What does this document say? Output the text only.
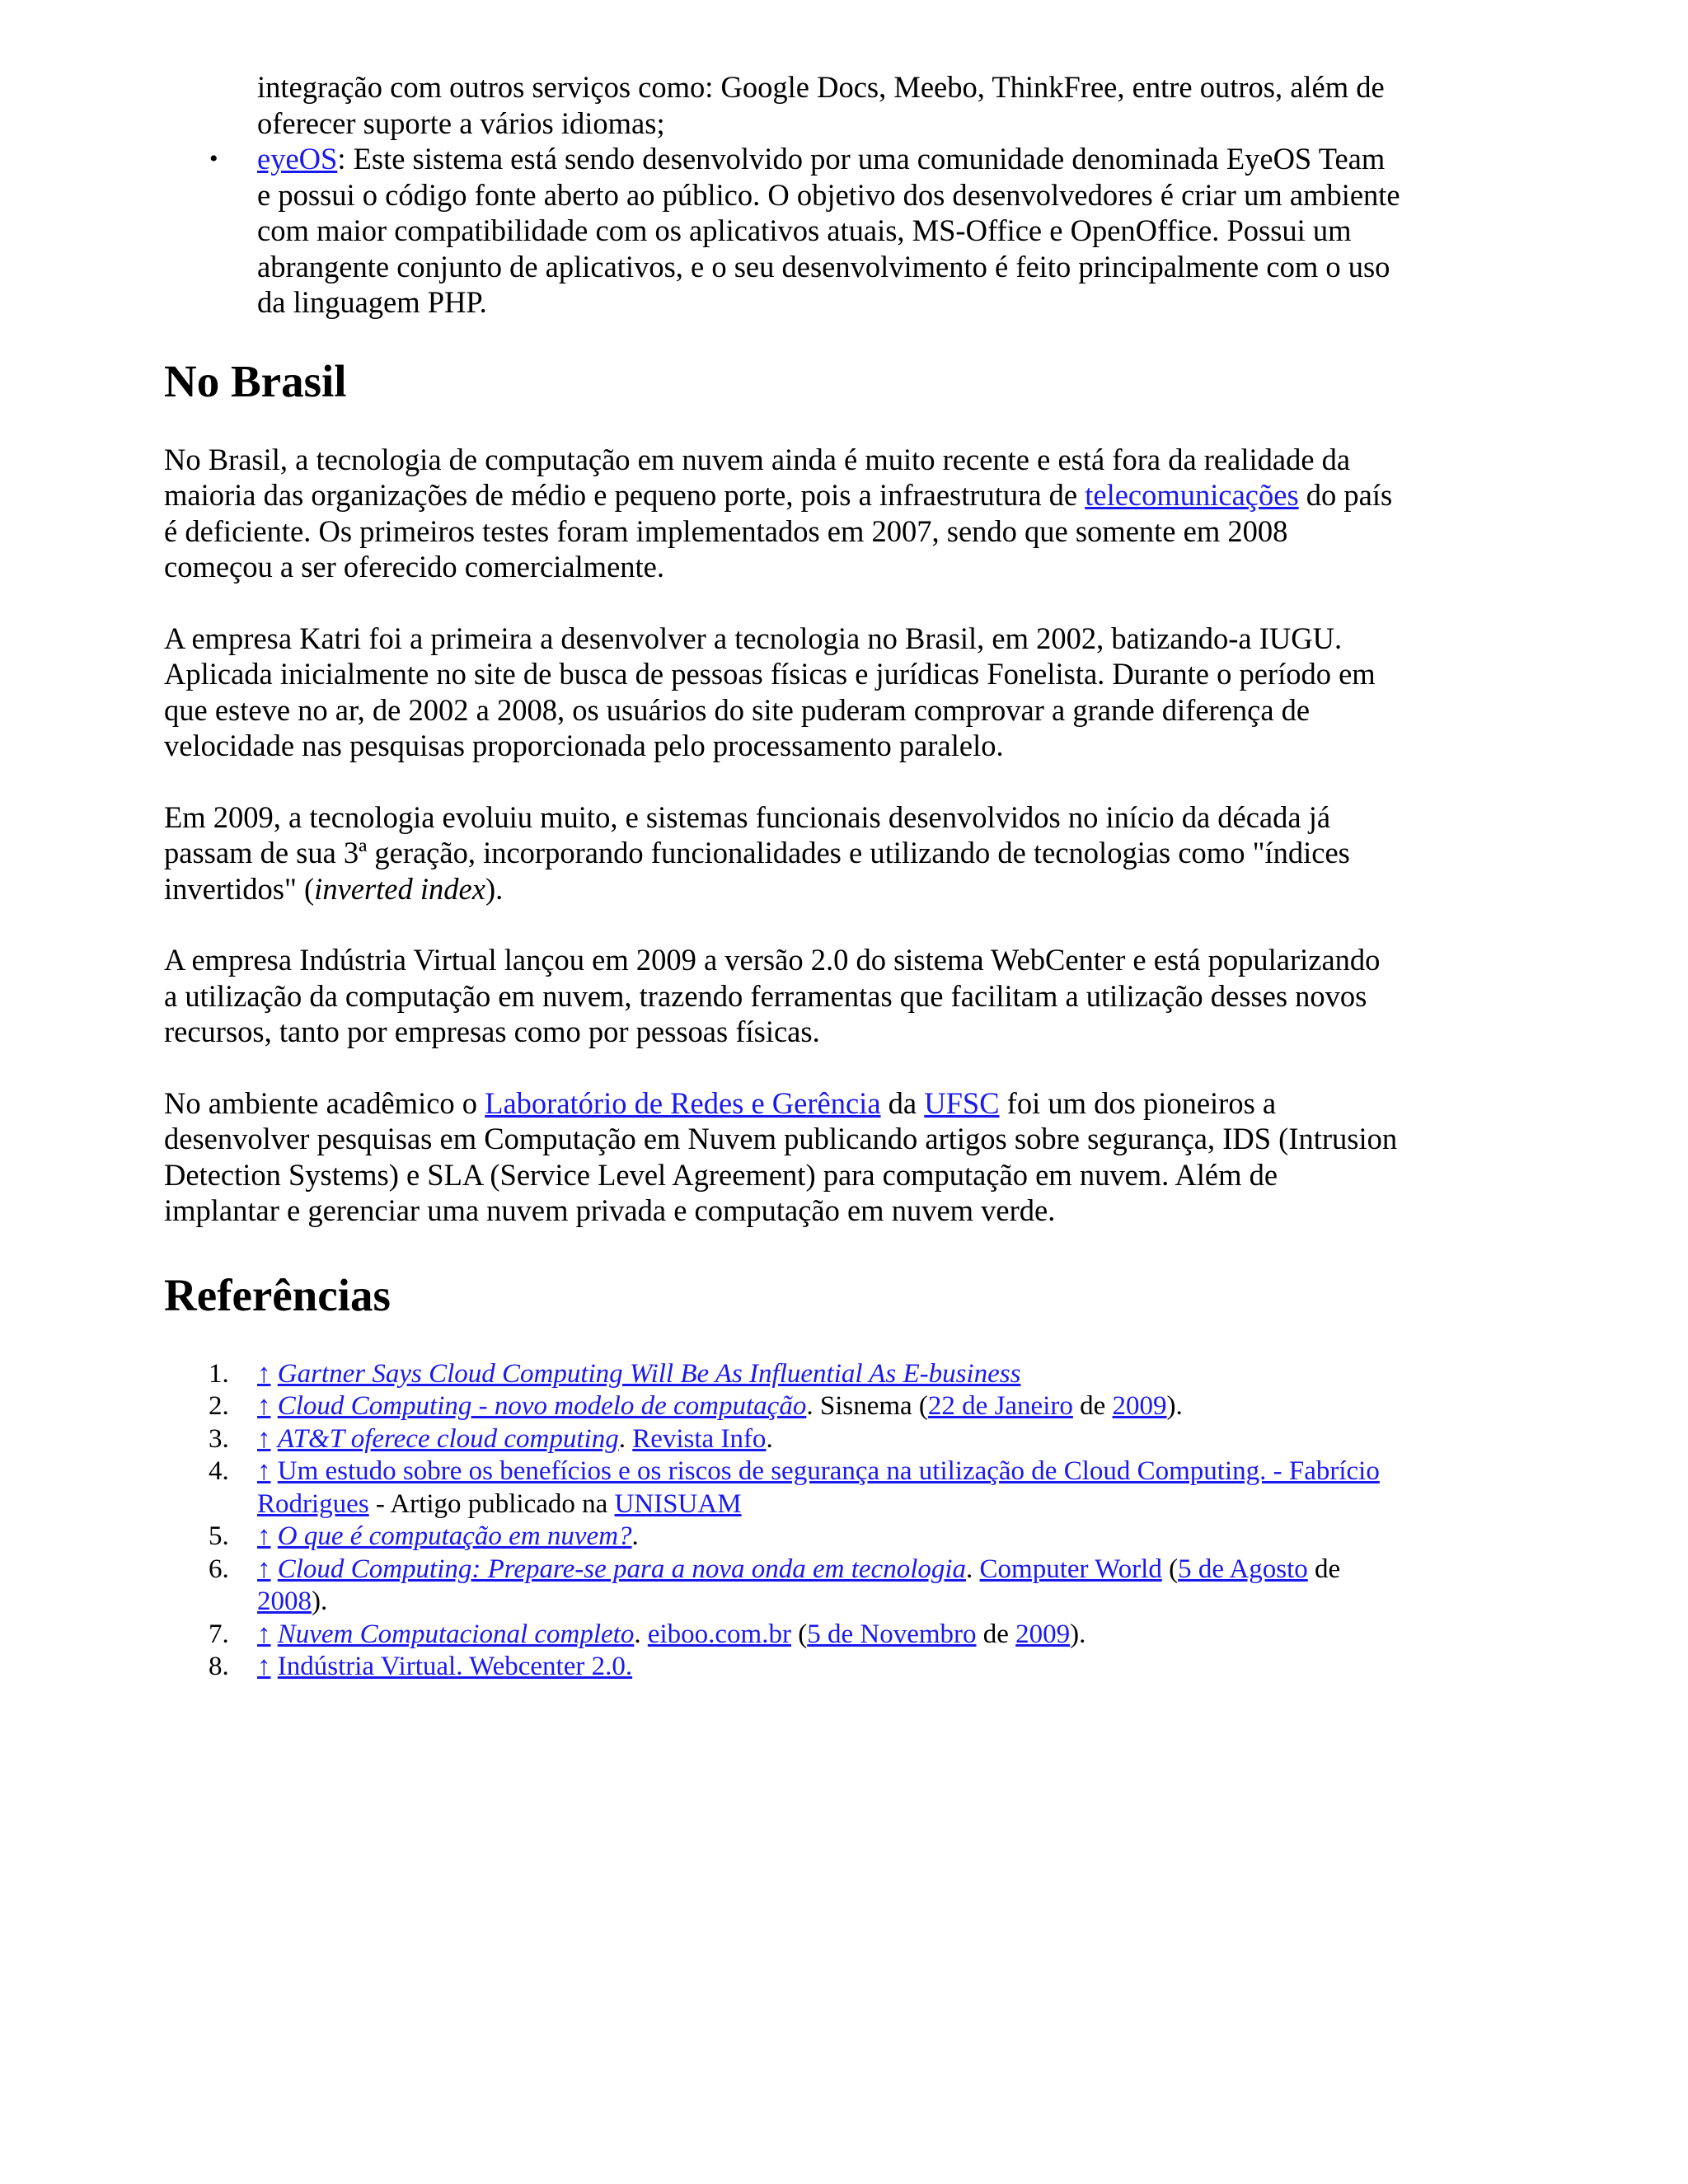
integração com outros serviços como: Google Docs, Meebo, ThinkFree, entre outros, além de oferecer suporte a vários idiomas;
• eyeOS: Este sistema está sendo desenvolvido por uma comunidade denominada EyeOS Team e possui o código fonte aberto ao público. O objetivo dos desenvolvedores é criar um ambiente com maior compatibilidade com os aplicativos atuais, MS-Office e OpenOffice. Possui um abrangente conjunto de aplicativos, e o seu desenvolvimento é feito principalmente com o uso da linguagem PHP.
No Brasil

No Brasil, a tecnologia de computação em nuvem ainda é muito recente e está fora da realidade da maioria das organizações de médio e pequeno porte, pois a infraestrutura de telecomunicações do país é deficiente. Os primeiros testes foram implementados em 2007, sendo que somente em 2008 começou a ser oferecido comercialmente.

A empresa Katri foi a primeira a desenvolver a tecnologia no Brasil, em 2002, batizando-a IUGU. Aplicada inicialmente no site de busca de pessoas físicas e jurídicas Fonelista. Durante o período em que esteve no ar, de 2002 a 2008, os usuários do site puderam comprovar a grande diferença de velocidade nas pesquisas proporcionada pelo processamento paralelo.

Em 2009, a tecnologia evoluiu muito, e sistemas funcionais desenvolvidos no início da década já passam de sua 3ª geração, incorporando funcionalidades e utilizando de tecnologias como "índices invertidos" (inverted index).

A empresa Indústria Virtual lançou em 2009 a versão 2.0 do sistema WebCenter e está popularizando a utilização da computação em nuvem, trazendo ferramentas que facilitam a utilização desses novos recursos, tanto por empresas como por pessoas físicas.

No ambiente acadêmico o Laboratório de Redes e Gerência da UFSC foi um dos pioneiros a desenvolver pesquisas em Computação em Nuvem publicando artigos sobre segurança, IDS (Intrusion Detection Systems) e SLA (Service Level Agreement) para computação em nuvem. Além de implantar e gerenciar uma nuvem privada e computação em nuvem verde.

Referências
1.	↑ Gartner Says Cloud Computing Will Be As Influential As E-business
2.	↑ Cloud Computing - novo modelo de computação. Sisnema (22 de Janeiro de 2009).
3.	↑ AT&T oferece cloud computing. Revista Info.
4.	↑ Um estudo sobre os benefícios e os riscos de segurança na utilização de Cloud Computing. - Fabrício Rodrigues - Artigo publicado na UNISUAM
5.	↑ O que é computação em nuvem?.
6.	↑ Cloud Computing: Prepare-se para a nova onda em tecnologia. Computer World (5 de Agosto de 2008).
7.	↑ Nuvem Computacional completo. eiboo.com.br (5 de Novembro de 2009).
8.	↑ Indústria Virtual. Webcenter 2.0.
